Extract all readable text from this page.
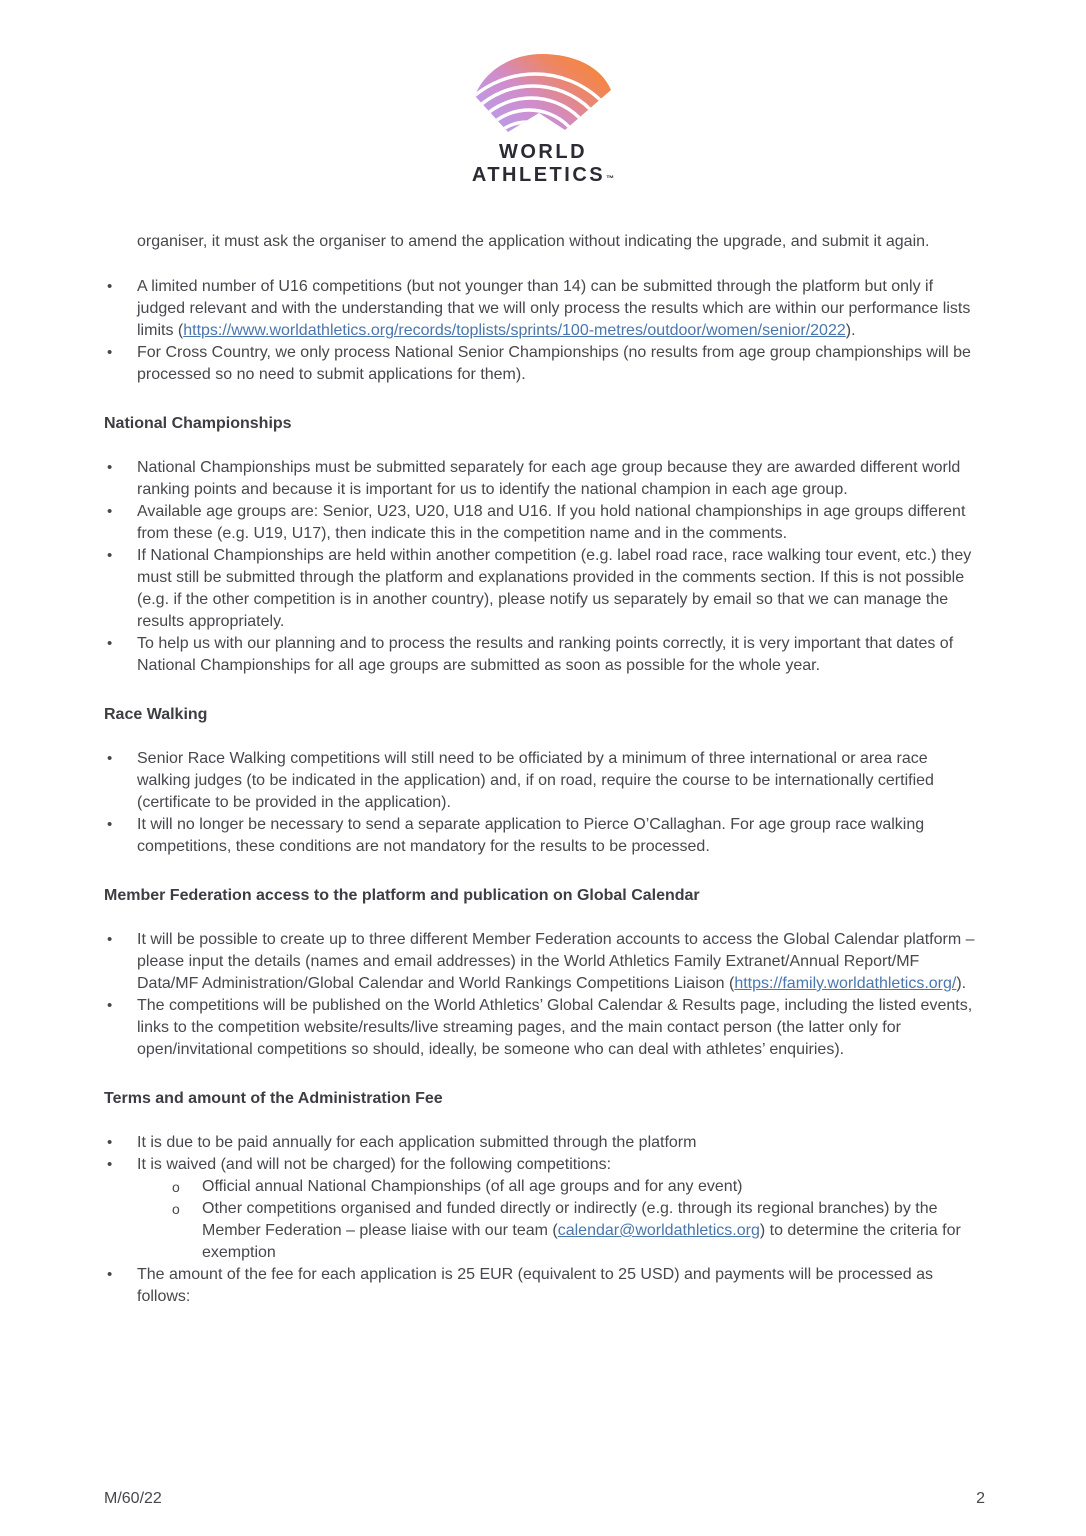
WORLD
ATHLETICS™

organiser, it must ask the organiser to amend the application without indicating the upgrade, and submit it again.

• A limited number of U16 competitions (but not younger than 14) can be submitted through the platform but only if judged relevant and with the understanding that we will only process the results which are within our performance lists limits (https://www.worldathletics.org/records/toplists/sprints/100-metres/outdoor/women/senior/2022).
• For Cross Country, we only process National Senior Championships (no results from age group championships will be processed so no need to submit applications for them).
National Championships
• National Championships must be submitted separately for each age group because they are awarded different world ranking points and because it is important for us to identify the national champion in each age group.
• Available age groups are: Senior, U23, U20, U18 and U16. If you hold national championships in age groups different from these (e.g. U19, U17), then indicate this in the competition name and in the comments.
• If National Championships are held within another competition (e.g. label road race, race walking tour event, etc.) they must still be submitted through the platform and explanations provided in the comments section. If this is not possible (e.g. if the other competition is in another country), please notify us separately by email so that we can manage the results appropriately.
• To help us with our planning and to process the results and ranking points correctly, it is very important that dates of National Championships for all age groups are submitted as soon as possible for the whole year.
Race Walking
• Senior Race Walking competitions will still need to be officiated by a minimum of three international or area race walking judges (to be indicated in the application) and, if on road, require the course to be internationally certified (certificate to be provided in the application).
• It will no longer be necessary to send a separate application to Pierce O’Callaghan. For age group race walking competitions, these conditions are not mandatory for the results to be processed.
Member Federation access to the platform and publication on Global Calendar
• It will be possible to create up to three different Member Federation accounts to access the Global Calendar platform – please input the details (names and email addresses) in the World Athletics Family Extranet/Annual Report/MF Data/MF Administration/Global Calendar and World Rankings Competitions Liaison (https://family.worldathletics.org/).
• The competitions will be published on the World Athletics’ Global Calendar & Results page, including the listed events, links to the competition website/results/live streaming pages, and the main contact person (the latter only for open/invitational competitions so should, ideally, be someone who can deal with athletes’ enquiries).
Terms and amount of the Administration Fee
• It is due to be paid annually for each application submitted through the platform
• It is waived (and will not be charged) for the following competitions:
o Official annual National Championships (of all age groups and for any event)
o Other competitions organised and funded directly or indirectly (e.g. through its regional branches) by the Member Federation – please liaise with our team (calendar@worldathletics.org) to determine the criteria for exemption
• The amount of the fee for each application is 25 EUR (equivalent to 25 USD) and payments will be processed as follows:
M/60/22	2
